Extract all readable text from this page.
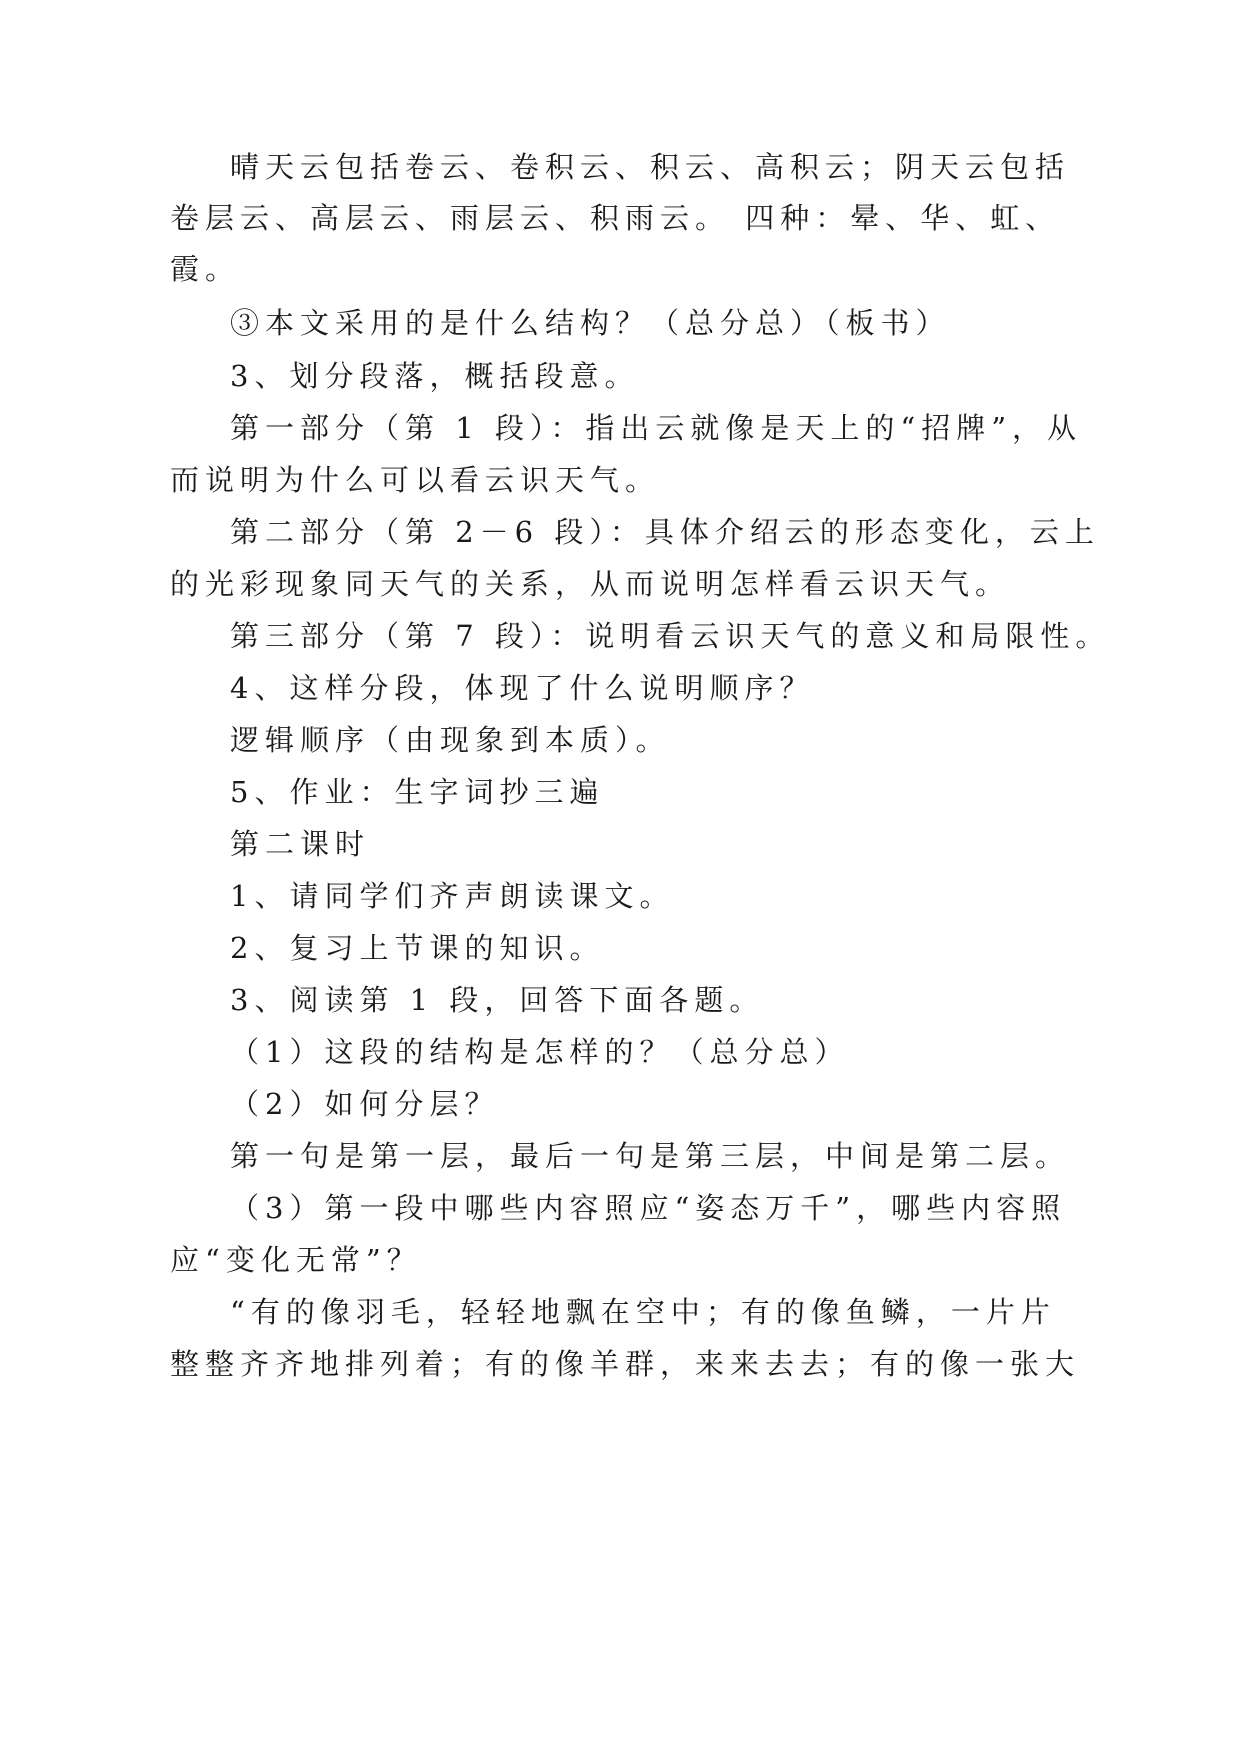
晴天云包括卷云、卷积云、积云、高积云；阴天云包括

卷层云、高层云、雨层云、积雨云。 四种：晕、华、虹、

霞。

③本文采用的是什么结构？（总分总）（板书）

3、划分段落，概括段意。

第一部分（第 1 段）：指出云就像是天上的“招牌”，从

而说明为什么可以看云识天气。

第二部分（第 2－6 段）：具体介绍云的形态变化，云上

的光彩现象同天气的关系，从而说明怎样看云识天气。

第三部分（第 7 段）：说明看云识天气的意义和局限性。

4、这样分段，体现了什么说明顺序？

逻辑顺序（由现象到本质）。

5、作业：生字词抄三遍

第二课时

1、请同学们齐声朗读课文。

2、复习上节课的知识。

3、阅读第 1 段，回答下面各题。

（1）这段的结构是怎样的？（总分总）

（2）如何分层？

第一句是第一层，最后一句是第三层，中间是第二层。

（3）第一段中哪些内容照应“姿态万千”，哪些内容照

应“变化无常”？

“有的像羽毛，轻轻地飘在空中；有的像鱼鳞，一片片

整整齐齐地排列着；有的像羊群，来来去去；有的像一张大
